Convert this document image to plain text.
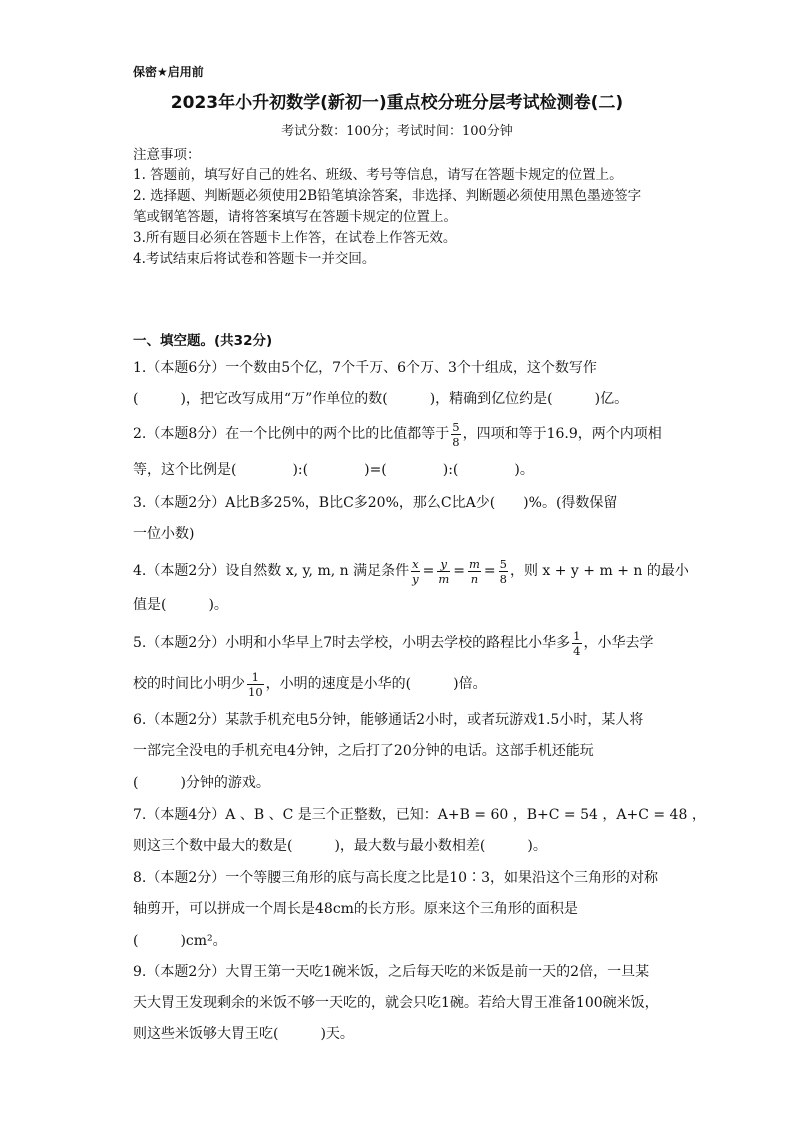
保密★启用前
2023年小升初数学(新初一)重点校分班分层考试检测卷(二)
考试分数：100分；考试时间：100分钟
注意事项：
1. 答题前，填写好自己的姓名、班级、考号等信息，请写在答题卡规定的位置上。
2. 选择题、判断题必须使用2B铅笔填涂答案，非选择、判断题必须使用黑色墨迹签字
笔或钢笔答题，请将答案填写在答题卡规定的位置上。
3.所有题目必须在答题卡上作答，在试卷上作答无效。
4.考试结束后将试卷和答题卡一并交回。
一、填空题。(共32分)
1.（本题6分）一个数由5个亿，7个千万、6个万、3个十组成，这个数写作
(　　　)，把它改写成用“万”作单位的数(　　　)，精确到亿位约是(　　　)亿。
2.（本题8分）在一个比例中的两个比的比值都等于 $\frac{5}{8}$ ，四项和等于16.9，两个内项相
等，这个比例是(　　　　):(　　　　)=(　　　　):(　　　　)。
3.（本题2分）A比B多25%，B比C多20%，那么C比A少(　　)%。(得数保留
一位小数)
4.（本题2分）设自然数 x, y, m, n 满足条件 $\frac{x}{y} = \frac{y}{m} = \frac{m}{n} = \frac{5}{8}$ ，则 x + y + m + n 的最小
值是(　　　)。
5.（本题2分）小明和小华早上7时去学校，小明去学校的路程比小华多 $\frac{1}{4}$ ，小华去学
校的时间比小明少 $\frac{1}{10}$ ，小明的速度是小华的(　　　)倍。
6.（本题2分）某款手机充电5分钟，能够通话2小时，或者玩游戏1.5小时，某人将
一部完全没电的手机充电4分钟，之后打了20分钟的电话。这部手机还能玩
(　　　)分钟的游戏。
7.（本题4分）A 、B 、C 是三个正整数，已知：A+B = 60 ，B+C = 54 ，A+C = 48 ，
则这三个数中最大的数是(　　　)，最大数与最小数相差(　　　)。
8.（本题2分）一个等腰三角形的底与高长度之比是10∶3，如果沿这个三角形的对称
轴剪开，可以拼成一个周长是48cm的长方形。原来这个三角形的面积是
(　　　)cm²。
9.（本题2分）大胃王第一天吃1碗米饭，之后每天吃的米饭是前一天的2倍，一旦某
天大胃王发现剩余的米饭不够一天吃的，就会只吃1碗。若给大胃王准备100碗米饭，
则这些米饭够大胃王吃(　　　)天。
